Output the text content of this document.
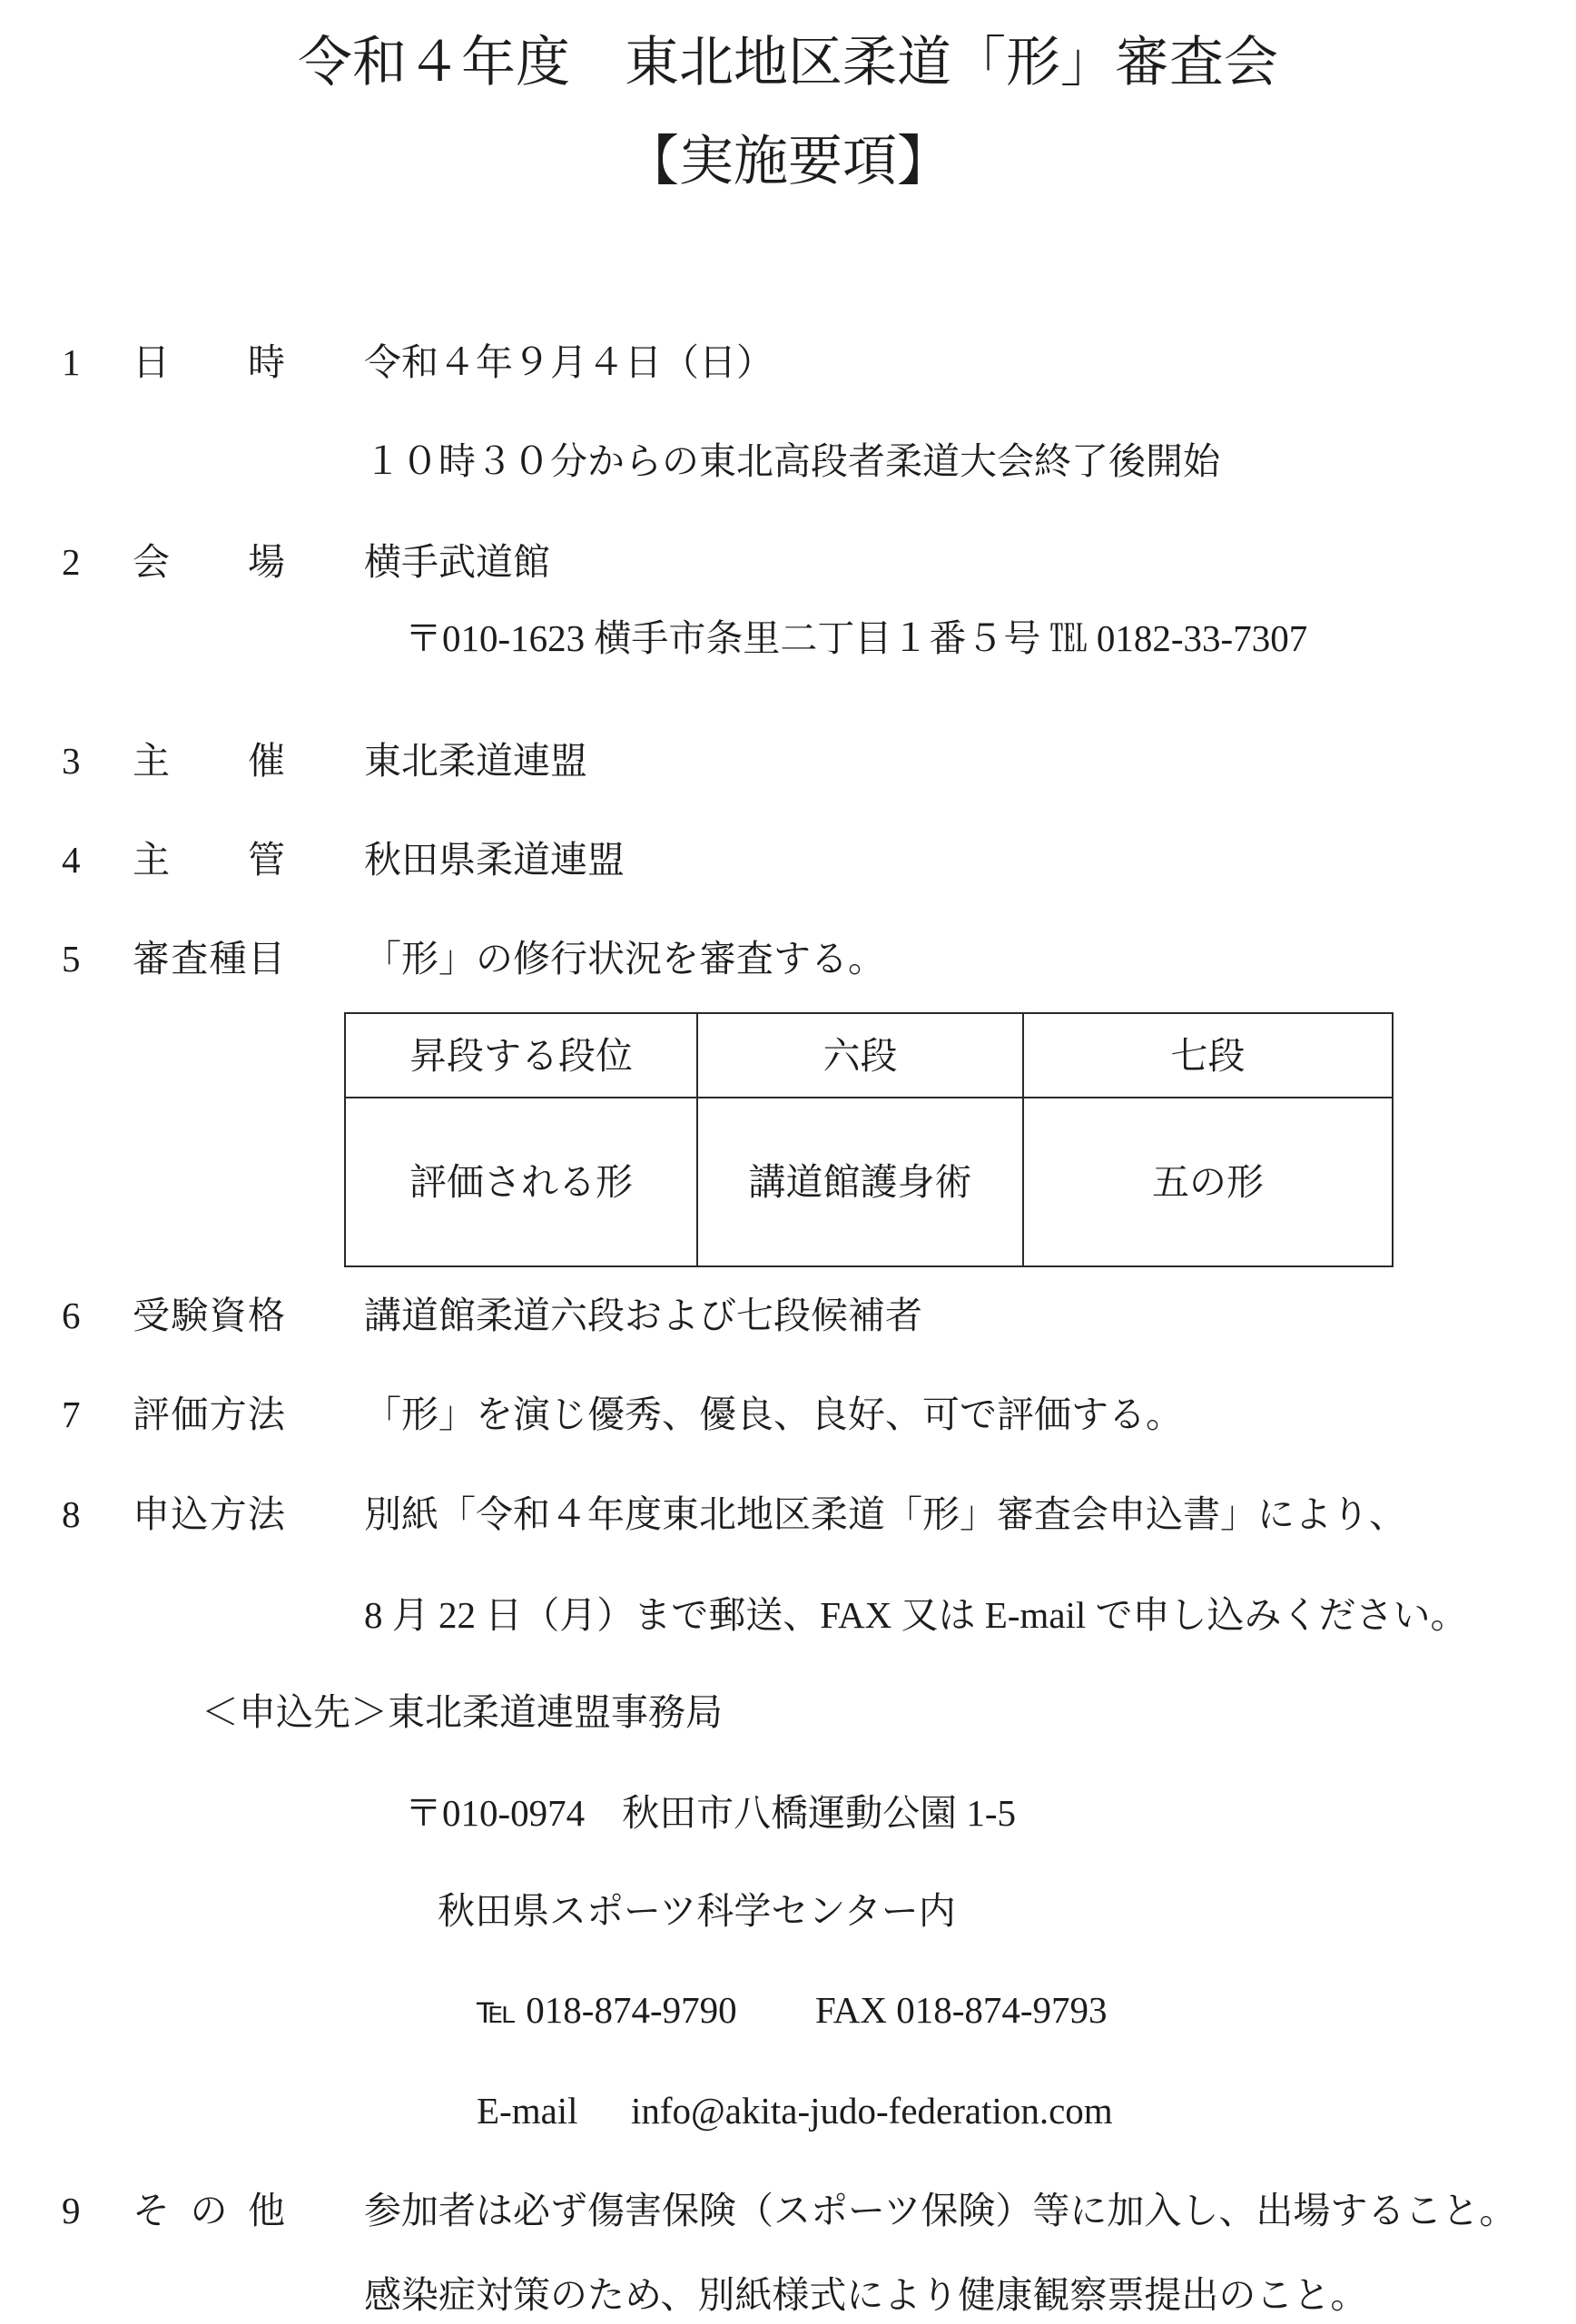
令和４年度　東北地区柔道「形」審査会
【実施要項】
1 日　　時 令和４年９月４日（日）
１０時３０分からの東北高段者柔道大会終了後開始
2 会　　場 横手武道館
〒010-1623 横手市条里二丁目１番５号 ℡ 0182-33-7307
3 主　　催 東北柔道連盟
4 主　　管 秋田県柔道連盟
5 審査種目 「形」の修行状況を審査する。
昇段する段位	六段	七段
評価される形	講道館護身術	五の形
6 受験資格 講道館柔道六段および七段候補者
7 評価方法 「形」を演じ優秀、優良、良好、可で評価する。
8 申込方法 別紙「令和４年度東北地区柔道「形」審査会申込書」により、
8 月 22 日（月）まで郵送、FAX 又は E-mail で申し込みください。
＜申込先＞東北柔道連盟事務局
〒010-0974　秋田市八橋運動公園 1-5
秋田県スポーツ科学センター内
℡ 018-874-9790 FAX 018-874-9793
E-mail info@akita-judo-federation.com
9 そ の 他 参加者は必ず傷害保険（スポーツ保険）等に加入し、出場すること。
感染症対策のため、別紙様式により健康観察票提出のこと。
